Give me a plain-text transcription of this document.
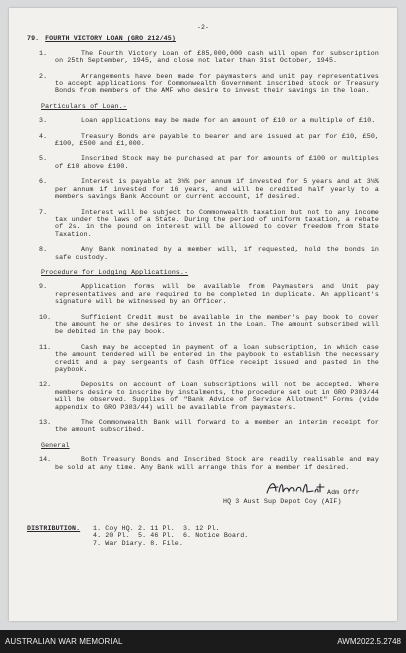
-2-
79. FOURTH VICTORY LOAN (GRO 212/45)
1.	The Fourth Victory Loan of £85,000,000 cash will open for subscription on 25th September, 1945, and close not later than 31st October, 1945.
2.	Arrangements have been made for paymasters and unit pay representatives to accept applications for Commonwealth Government inscribed stock or Treasury Bonds from members of the AMF who desire to invest their savings in the loan.
Particulars of Loan.-
3.	Loan applications may be made for an amount of £10 or a multiple of £10.
4.	Treasury Bonds are payable to bearer and are issued at par for £10, £50, £100, £500 and £1,000.
5.	Inscribed Stock may be purchased at par for amounts of £100 or multiples of £10 above £100.
6.	Interest is payable at 3¼% per annum if invested for 5 years and at 3¼% per annum if invested for 16 years, and will be credited half yearly to a members savings Bank Account or current account, if desired.
7.	Interest will be subject to Commonwealth taxation but not to any income tax under the laws of a State. During the period of uniform taxation, a rebate of 2s. in the pound on interest will be allowed to cover freedom from State Taxation.
8.	Any Bank nominated by a member will, if requested, hold the bonds in safe custody.
Procedure for Lodging Applications.-
9.	Application forms will be available from Paymasters and Unit pay representatives and are required to be completed in duplicate. An applicant's signature will be witnessed by an Officer.
10.	Sufficient Credit must be available in the member's pay book to cover the amount he or she desires to invest in the Loan. The amount subscribed will be debited in the pay book.
11.	Cash may be accepted in payment of a loan subscription, in which case the amount tendered will be entered in the paybook to establish the necessary credit and a pay sergeants of Cash Office receipt issued and pasted in the paybook.
12.	Deposits on account of Loan subscriptions will not be accepted. Where members desire to inscribe by instalments, the procedure set out in GRO P303/44 will be observed. Supplies of "Bank Advice of Service Allotment" Forms (vide appendix to GRO P303/44) will be available from paymasters.
13.	The Commonwealth Bank will forward to a member an interim receipt for the amount subscribed.
General
14.	Both Treasury Bonds and Inscribed Stock are readily realisable and may be sold at any time. Any Bank will arrange this for a member if desired.
Adm Offr
HQ 3 Aust Sup Depot Coy (AIF)
DISTRIBUTION.	1. Coy HQ. 2. 11 Pl.  3. 12 Pl.
4. 20 Pl.  5. 46 Pl.  6. Notice Board.
7. War Diary. 8. File.
AUSTRALIAN WAR MEMORIAL	AWM2022.5.2748
